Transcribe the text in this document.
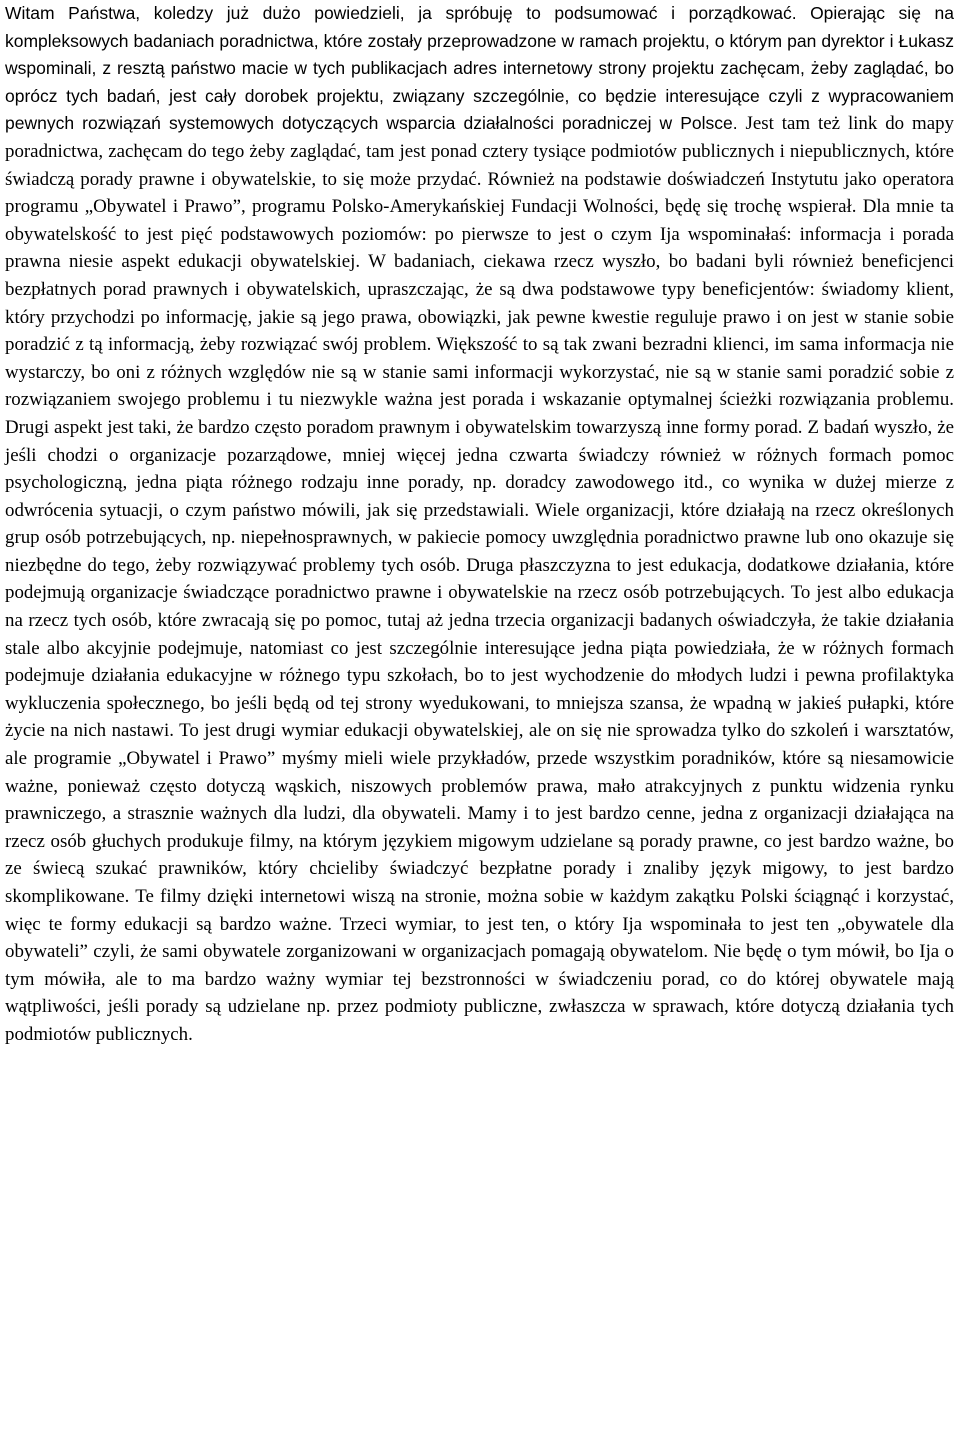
Witam Państwa, koledzy już dużo powiedzieli, ja spróbuję to podsumować i porządkować. Opierając się na kompleksowych badaniach poradnictwa, które zostały przeprowadzone w ramach projektu, o którym pan dyrektor i Łukasz wspominali, z resztą państwo macie w tych publikacjach adres internetowy strony projektu zachęcam, żeby zaglądać, bo oprócz tych badań, jest cały dorobek projektu, związany szczególnie, co będzie interesujące czyli z wypracowaniem pewnych rozwiązań systemowych dotyczących wsparcia działalności poradniczej w Polsce. Jest tam też link do mapy poradnictwa, zachęcam do tego żeby zaglądać, tam jest ponad cztery tysiące podmiotów publicznych i niepublicznych, które świadczą porady prawne i obywatelskie, to się może przydać. Również na podstawie doświadczeń Instytutu jako operatora programu „Obywatel i Prawo”, programu Polsko-Amerykańskiej Fundacji Wolności, będę się trochę wspierał. Dla mnie ta obywatelskość to jest pięć podstawowych poziomów: po pierwsze to jest o czym Ija wspominałaś: informacja i porada prawna niesie aspekt edukacji obywatelskiej. W badaniach, ciekawa rzecz wyszło, bo badani byli również beneficjenci bezpłatnych porad prawnych i obywatelskich, upraszczając, że są dwa podstawowe typy beneficjentów: świadomy klient, który przychodzi po informację, jakie są jego prawa, obowiązki, jak pewne kwestie reguluje prawo i on jest w stanie sobie poradzić z tą informacją, żeby rozwiązać swój problem. Większość to są tak zwani bezradni klienci, im sama informacja nie wystarczy, bo oni z różnych względów nie są w stanie sami informacji wykorzystać, nie są w stanie sami poradzić sobie z rozwiązaniem swojego problemu i tu niezwykle ważna jest porada i wskazanie optymalnej ścieżki rozwiązania problemu. Drugi aspekt jest taki, że bardzo często poradom prawnym i obywatelskim towarzyszą inne formy porad. Z badań wyszło, że jeśli chodzi o organizacje pozarządowe, mniej więcej jedna czwarta świadczy również w różnych formach pomoc psychologiczną, jedna piąta różnego rodzaju inne porady, np. doradcy zawodowego itd., co wynika w dużej mierze z odwrócenia sytuacji, o czym państwo mówili, jak się przedstawiali. Wiele organizacji, które działają na rzecz określonych grup osób potrzebujących, np. niepełnosprawnych, w pakiecie pomocy uwzględnia poradnictwo prawne lub ono okazuje się niezbędne do tego, żeby rozwiązywać problemy tych osób. Druga płaszczyzna to jest edukacja, dodatkowe działania, które podejmują organizacje świadczące poradnictwo prawne i obywatelskie na rzecz osób potrzebujących. To jest albo edukacja na rzecz tych osób, które zwracają się po pomoc, tutaj aż jedna trzecia organizacji badanych oświadczyła, że takie działania stale albo akcyjnie podejmuje, natomiast co jest szczególnie interesujące jedna piąta powiedziała, że w różnych formach podejmuje działania edukacyjne w różnego typu szkołach, bo to jest wychodzenie do młodych ludzi i pewna profilaktyka wykluczenia społecznego, bo jeśli będą od tej strony wyedukowani, to mniejsza szansa, że wpadną w jakieś pułapki, które życie na nich nastawi. To jest drugi wymiar edukacji obywatelskiej, ale on się nie sprowadza tylko do szkoleń i warsztatów, ale programie „Obywatel i Prawo” myśmy mieli wiele przykładów, przede wszystkim poradników, które są niesamowicie ważne, ponieważ często dotyczą wąskich, niszowych problemów prawa, mało atrakcyjnych z punktu widzenia rynku prawniczego, a strasznie ważnych dla ludzi, dla obywateli. Mamy i to jest bardzo cenne, jedna z organizacji działająca na rzecz osób głuchych produkuje filmy, na którym językiem migowym udzielane są porady prawne, co jest bardzo ważne, bo ze świecą szukać prawników, który chcieliby świadczyć bezpłatne porady i znaliby język migowy, to jest bardzo skomplikowane. Te filmy dzięki internetowi wiszą na stronie, można sobie w każdym zakątku Polski ściągnąć i korzystać, więc te formy edukacji są bardzo ważne. Trzeci wymiar, to jest ten, o który Ija wspominała to jest ten „obywatele dla obywateli” czyli, że sami obywatele zorganizowani w organizacjach pomagają obywatelom. Nie będę o tym mówił, bo Ija o tym mówiła, ale to ma bardzo ważny wymiar tej bezstronności w świadczeniu porad, co do której obywatele mają wątpliwości, jeśli porady są udzielane np. przez podmioty publiczne, zwłaszcza w sprawach, które dotyczą działania tych podmiotów publicznych.
